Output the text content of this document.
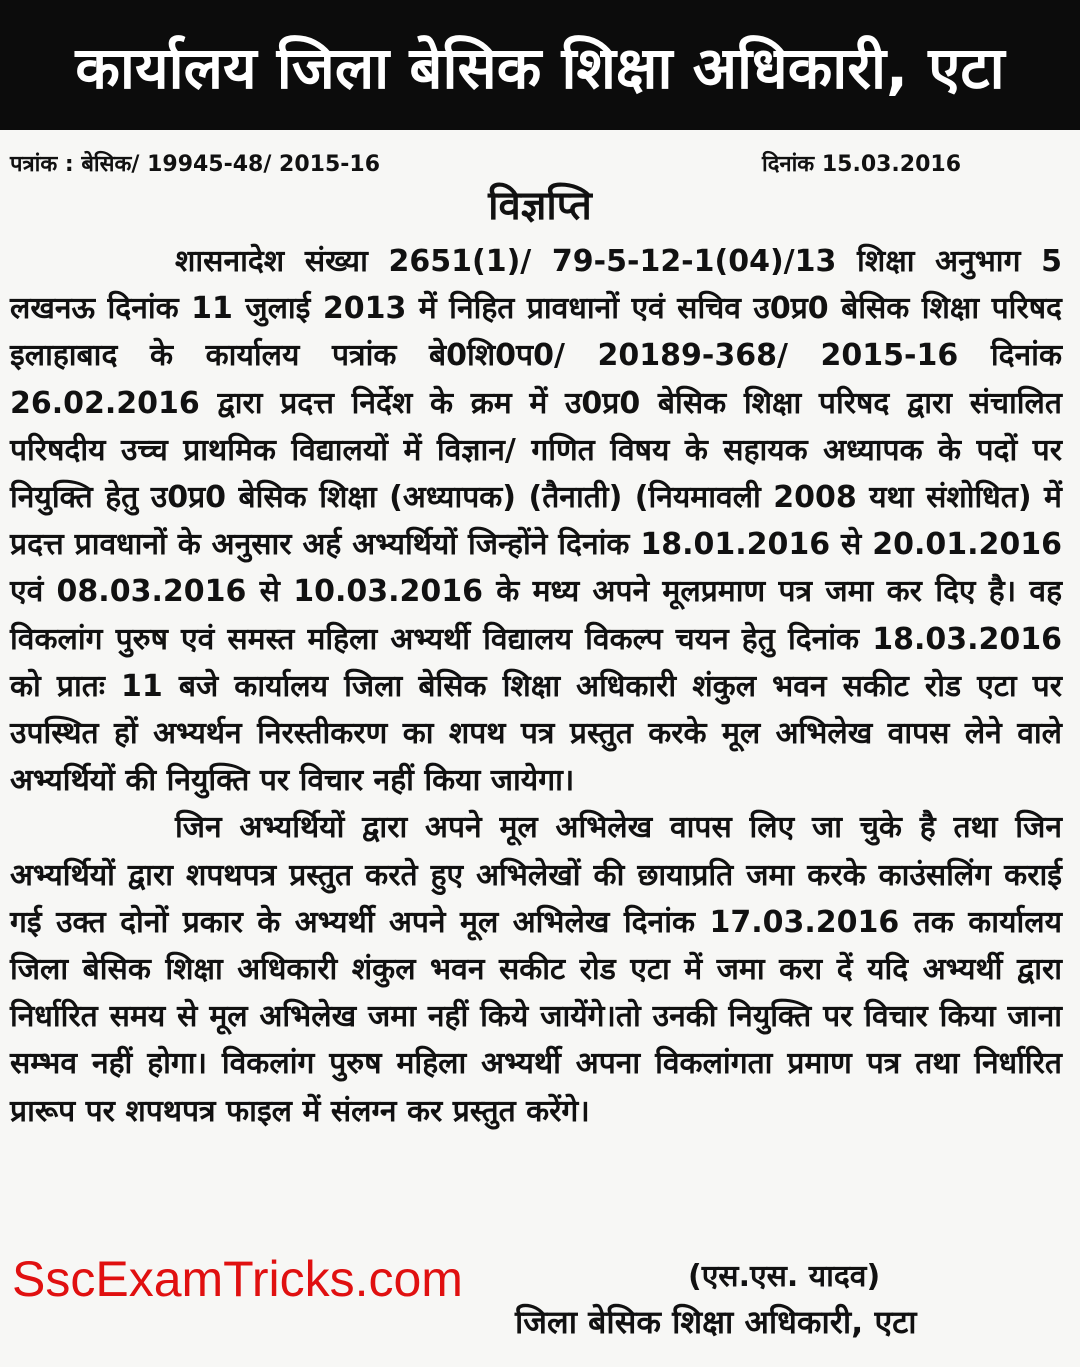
कार्यालय जिला बेसिक शिक्षा अधिकारी, एटा
पत्रांक : बेसिक/ 19945-48/ 2015-16	दिनांक 15.03.2016
विज्ञप्ति

शासनादेश संख्या 2651(1)/ 79-5-12-1(04)/13 शिक्षा अनुभाग 5 लखनऊ दिनांक 11 जुलाई 2013 में निहित प्रावधानों एवं सचिव उ0प्र0 बेसिक शिक्षा परिषद इलाहाबाद के कार्यालय पत्रांक बे0शि0प0/ 20189-368/ 2015-16 दिनांक 26.02.2016 द्वारा प्रदत्त निर्देश के क्रम में उ0प्र0 बेसिक शिक्षा परिषद द्वारा संचालित परिषदीय उच्च प्राथमिक विद्यालयों में विज्ञान/ गणित विषय के सहायक अध्यापक के पदों पर नियुक्ति हेतु उ0प्र0 बेसिक शिक्षा (अध्यापक) (तैनाती) (नियमावली 2008 यथा संशोधित) में प्रदत्त प्रावधानों के अनुसार अर्ह अभ्यर्थियों जिन्होंने दिनांक 18.01.2016 से 20.01.2016 एवं 08.03.2016 से 10.03.2016 के मध्य अपने मूलप्रमाण पत्र जमा कर दिए है। वह विकलांग पुरुष एवं समस्त महिला अभ्यर्थी विद्यालय विकल्प चयन हेतु दिनांक 18.03.2016 को प्रातः 11 बजे कार्यालय जिला बेसिक शिक्षा अधिकारी शंकुल भवन सकीट रोड एटा पर उपस्थित हों अभ्यर्थन निरस्तीकरण का शपथ पत्र प्रस्तुत करके मूल अभिलेख वापस लेने वाले अभ्यर्थियों की नियुक्ति पर विचार नहीं किया जायेगा।

जिन अभ्यर्थियों द्वारा अपने मूल अभिलेख वापस लिए जा चुके है तथा जिन अभ्यर्थियों द्वारा शपथपत्र प्रस्तुत करते हुए अभिलेखों की छायाप्रति जमा करके काउंसलिंग कराई गई उक्त दोनों प्रकार के अभ्यर्थी अपने मूल अभिलेख दिनांक 17.03.2016 तक कार्यालय जिला बेसिक शिक्षा अधिकारी शंकुल भवन सकीट रोड एटा में जमा करा दें यदि अभ्यर्थी द्वारा निर्धारित समय से मूल अभिलेख जमा नहीं किये जायेंगे।तो उनकी नियुक्ति पर विचार किया जाना सम्भव नहीं होगा। विकलांग पुरुष महिला अभ्यर्थी अपना विकलांगता प्रमाण पत्र तथा निर्धारित प्रारूप पर शपथपत्र फाइल में संलग्न कर प्रस्तुत करेंगे।

(एस.एस. यादव)
जिला बेसिक शिक्षा अधिकारी, एटा
SscExamTricks.com
